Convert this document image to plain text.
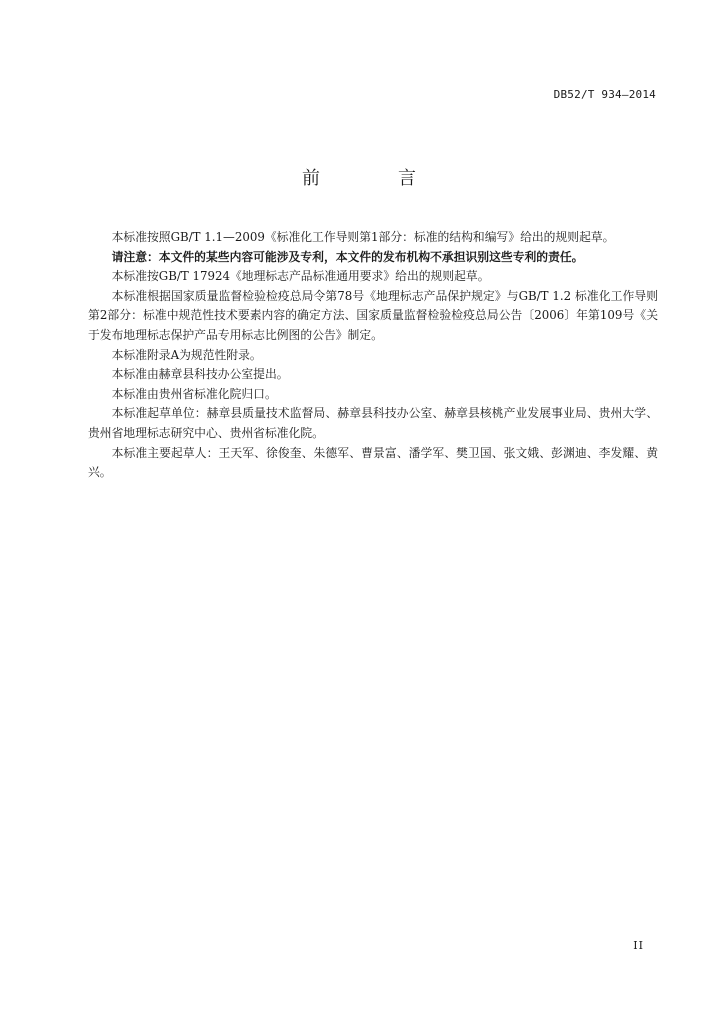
DB52/T 934—2014
前　言

本标准按照GB/T 1.1—2009《标准化工作导则第1部分：标准的结构和编写》给出的规则起草。

请注意：本文件的某些内容可能涉及专利，本文件的发布机构不承担识别这些专利的责任。

本标准按GB/T 17924《地理标志产品标准通用要求》给出的规则起草。

本标准根据国家质量监督检验检疫总局令第78号《地理标志产品保护规定》与GB/T 1.2 标准化工作导则 第2部分：标准中规范性技术要素内容的确定方法、国家质量监督检验检疫总局公告〔2006〕年第109号《关于发布地理标志保护产品专用标志比例图的公告》制定。

本标准附录A为规范性附录。

本标准由赫章县科技办公室提出。

本标准由贵州省标准化院归口。

本标准起草单位：赫章县质量技术监督局、赫章县科技办公室、赫章县核桃产业发展事业局、贵州大学、贵州省地理标志研究中心、贵州省标准化院。

本标准主要起草人：王天军、徐俊奎、朱德军、曹景富、潘学军、樊卫国、张文娥、彭渊迪、李发耀、黄兴。

II
